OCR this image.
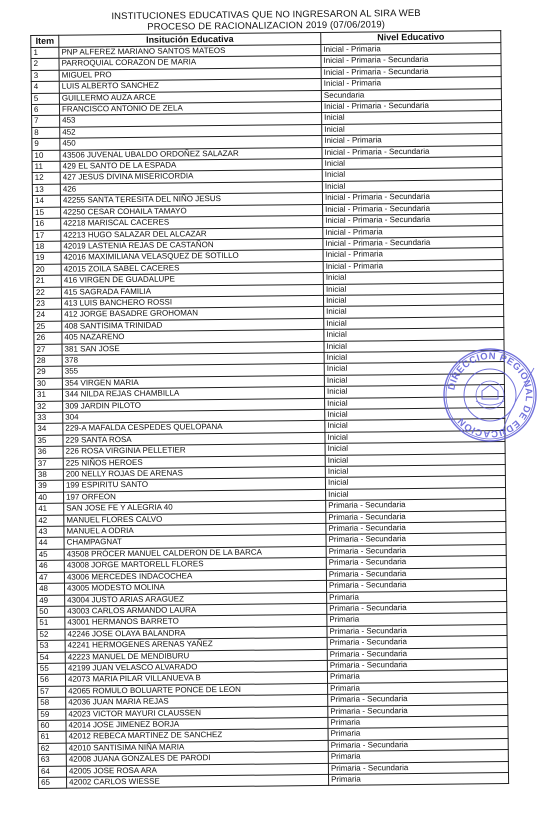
INSTITUCIONES EDUCATIVAS QUE NO INGRESARON AL SIRA WEB
PROCESO DE RACIONALIZACION 2019 (07/06/2019)
Item	Insitución Educativa	Nivel Educativo
1	PNP ALFEREZ MARIANO SANTOS MATEOS	Inicial - Primaria
2	PARROQUIAL CORAZON DE MARIA	Inicial - Primaria - Secundaria
3	MIGUEL PRO	Inicial - Primaria - Secundaria
4	LUIS ALBERTO SANCHEZ	Inicial - Primaria
5	GUILLERMO AUZA ARCE	Secundaria
6	FRANCISCO ANTONIO DE ZELA	Inicial - Primaria - Secundaria
7	453	Inicial
8	452	Inicial
9	450	Inicial - Primaria
10	43506 JUVENAL UBALDO ORDOÑEZ SALAZAR	Inicial - Primaria - Secundaria
11	429 EL SANTO DE LA ESPADA	Inicial
12	427 JESUS DIVINA MISERICORDIA	Inicial
13	426	Inicial
14	42255 SANTA TERESITA DEL NIÑO JESUS	Inicial - Primaria - Secundaria
15	42250 CESAR COHAILA TAMAYO	Inicial - Primaria - Secundaria
16	42218 MARISCAL CACERES	Inicial - Primaria - Secundaria
17	42213 HUGO SALAZAR DEL ALCAZAR	Inicial - Primaria
18	42019 LASTENIA REJAS DE CASTAÑON	Inicial - Primaria - Secundaria
19	42016 MAXIMILIANA VELASQUEZ DE SOTILLO	Inicial - Primaria
20	42015 ZOILA SABEL CACERES	Inicial - Primaria
21	416 VIRGEN DE GUADALUPE	Inicial
22	415 SAGRADA FAMILIA	Inicial
23	413 LUIS BANCHERO ROSSI	Inicial
24	412 JORGE BASADRE GROHOMAN	Inicial
25	408 SANTISIMA TRINIDAD	Inicial
26	405 NAZARENO	Inicial
27	381 SAN JOSE	Inicial
28	378	Inicial
29	355	Inicial
30	354 VIRGEN MARIA	Inicial
31	344 NILDA REJAS CHAMBILLA	Inicial
32	309 JARDIN PILOTO	Inicial
33	304	Inicial
34	229-A MAFALDA CESPEDES QUELOPANA	Inicial
35	229 SANTA ROSA	Inicial
36	226 ROSA VIRGINIA PELLETIER	Inicial
37	225 NIÑOS HEROES	Inicial
38	200 NELLY ROJAS DE ARENAS	Inicial
39	199 ESPIRITU SANTO	Inicial
40	197 ORFEON	Inicial
41	SAN JOSE FE Y ALEGRIA 40	Primaria - Secundaria
42	MANUEL FLORES CALVO	Primaria - Secundaria
43	MANUEL A ODRIA	Primaria - Secundaria
44	CHAMPAGNAT	Primaria - Secundaria
45	43508 PRÓCER MANUEL CALDERON DE LA BARCA	Primaria - Secundaria
46	43008 JORGE MARTORELL FLORES	Primaria - Secundaria
47	43006 MERCEDES INDACOCHEA	Primaria - Secundaria
48	43005 MODESTO MOLINA	Primaria - Secundaria
49	43004 JUSTO ARIAS ARAGUEZ	Primaria
50	43003 CARLOS ARMANDO LAURA	Primaria - Secundaria
51	43001 HERMANOS BARRETO	Primaria
52	42246 JOSE OLAYA BALANDRA	Primaria - Secundaria
53	42241 HERMOGENES ARENAS YAÑEZ	Primaria - Secundaria
54	42223 MANUEL DE MENDIBURU	Primaria - Secundaria
55	42199 JUAN VELASCO ALVARADO	Primaria - Secundaria
56	42073 MARIA PILAR VILLANUEVA B	Primaria
57	42065 ROMULO BOLUARTE PONCE DE LEON	Primaria
58	42036 JUAN MARIA REJAS	Primaria - Secundaria
59	42023 VICTOR MAYURI CLAUSSEN	Primaria - Secundaria
60	42014 JOSE JIMENEZ BORJA	Primaria
61	42012 REBECA MARTINEZ DE SANCHEZ	Primaria
62	42010 SANTISIMA NIÑA MARIA	Primaria - Secundaria
63	42008 JUANA GONZALES DE PARODI	Primaria
64	42005 JOSE ROSA ARA	Primaria - Secundaria
65	42002 CARLOS WIESSE	Primaria
DIRECCION REGIONAL DE EDUCACION
